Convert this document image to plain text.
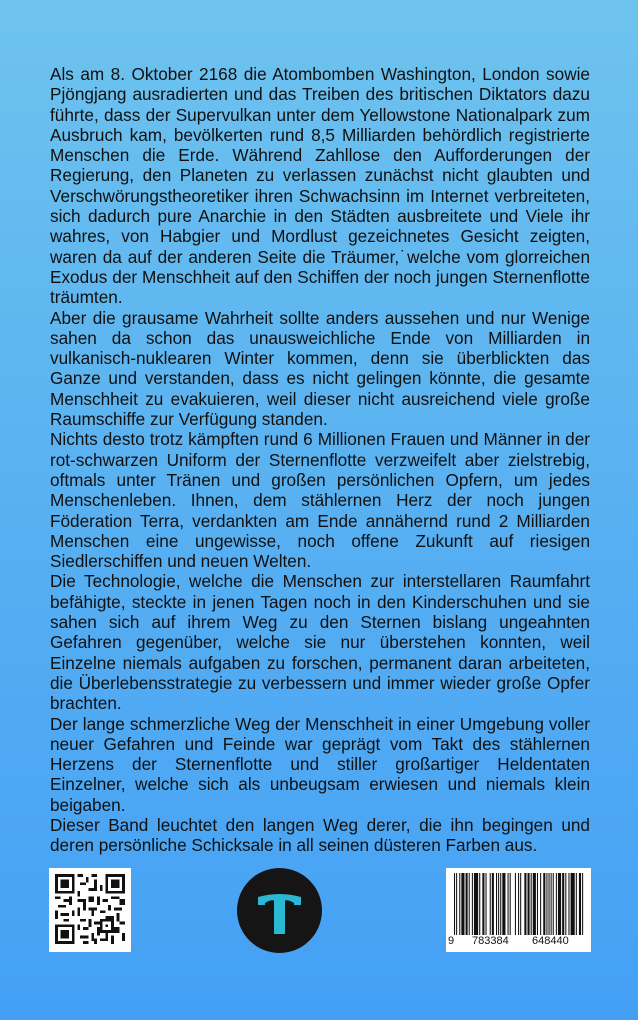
Als am 8. Oktober 2168 die Atombomben Washington, London sowie Pjöngjang ausradierten und das Treiben des britischen Diktators dazu führte, dass der Supervulkan unter dem Yellowstone Nationalpark zum Ausbruch kam, bevölkerten rund 8,5 Milliarden behördlich registrierte Menschen die Erde. Während Zahllose den Aufforderungen der Regierung, den Planeten zu verlassen zunächst nicht glaubten und Verschwörungstheoretiker ihren Schwachsinn im Internet verbreiteten, sich dadurch pure Anarchie in den Städten ausbreitete und Viele ihr wahres, von Habgier und Mordlust gezeichnetes Gesicht zeigten, waren da auf der anderen Seite die Träumer,˙welche vom glorreichen Exodus der Menschheit auf den Schiffen der noch jungen Sternenflotte träumten.

Aber die grausame Wahrheit sollte anders aussehen und nur Wenige sahen da schon das unausweichliche Ende von Milliarden in vulkanisch-nuklearen Winter kommen, denn sie überblickten das Ganze und verstanden, dass es nicht gelingen könnte, die gesamte Menschheit zu evakuieren, weil dieser nicht ausreichend viele große Raumschiffe zur Verfügung standen.

Nichts desto trotz kämpften rund 6 Millionen Frauen und Männer in der rot-schwarzen Uniform der Sternenflotte verzweifelt aber zielstrebig, oftmals unter Tränen und großen persönlichen Opfern, um jedes Menschenleben. Ihnen, dem stählernen Herz der noch jungen Föderation Terra, verdankten am Ende annähernd rund 2 Milliarden Menschen eine ungewisse, noch offene Zukunft auf riesigen Siedlerschiffen und neuen Welten.

Die Technologie, welche die Menschen zur interstellaren Raumfahrt befähigte, steckte in jenen Tagen noch in den Kinderschuhen und sie sahen sich auf ihrem Weg zu den Sternen bislang ungeahnten Gefahren gegenüber, welche sie nur überstehen konnten, weil Einzelne niemals aufgaben zu forschen, permanent daran arbeiteten, die Überlebensstrategie zu verbessern und immer wieder große Opfer brachten.

Der lange schmerzliche Weg der Menschheit in einer Umgebung voller neuer Gefahren und Feinde war geprägt vom Takt des stählernen Herzens der Sternenflotte und stiller großartiger Heldentaten Einzelner, welche sich als unbeugsam erwiesen und niemals klein beigaben.

Dieser Band leuchtet den langen Weg derer, die ihn begingen und deren persönliche Schicksale in all seinen düsteren Farben aus.

9 783384 648440
